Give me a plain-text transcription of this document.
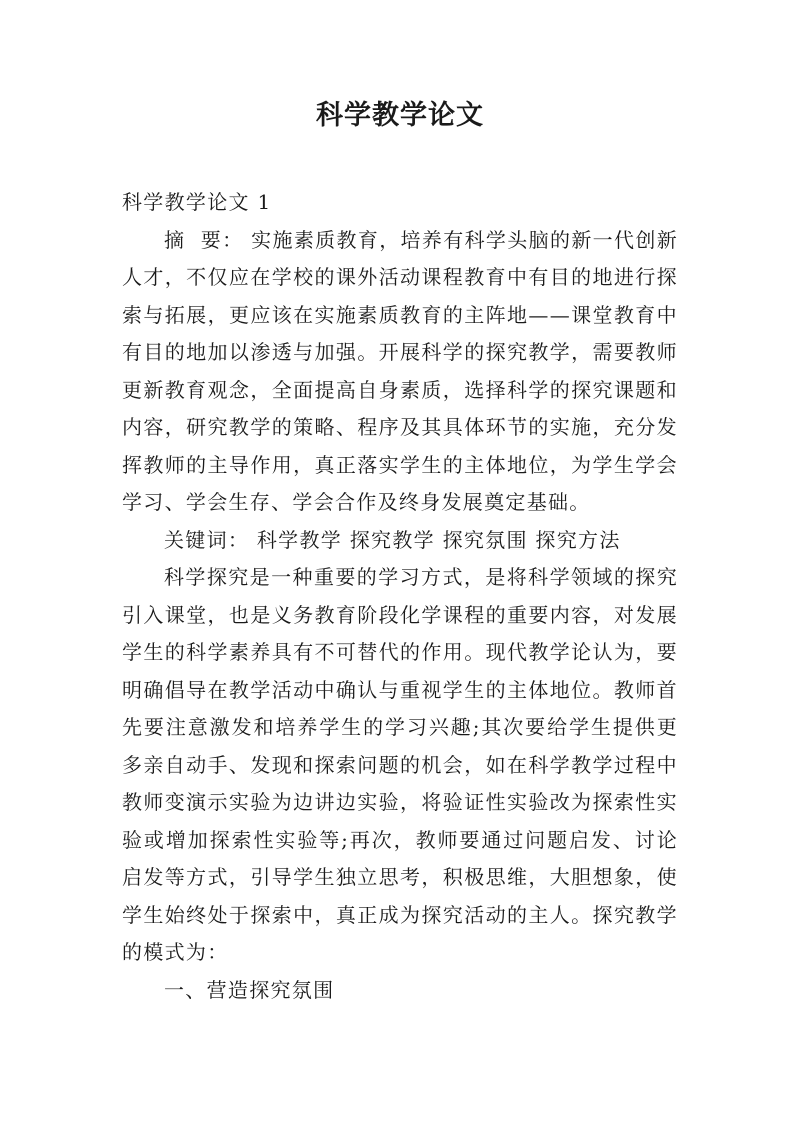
科学教学论文

科学教学论文 1

摘  要： 实施素质教育，培养有科学头脑的新一代创新人才，不仅应在学校的课外活动课程教育中有目的地进行探索与拓展，更应该在实施素质教育的主阵地——课堂教育中有目的地加以渗透与加强。开展科学的探究教学，需要教师更新教育观念，全面提高自身素质，选择科学的探究课题和内容，研究教学的策略、程序及其具体环节的实施，充分发挥教师的主导作用，真正落实学生的主体地位，为学生学会学习、学会生存、学会合作及终身发展奠定基础。

关键词： 科学教学 探究教学 探究氛围 探究方法

科学探究是一种重要的学习方式，是将科学领域的探究引入课堂，也是义务教育阶段化学课程的重要内容，对发展学生的科学素养具有不可替代的作用。现代教学论认为，要明确倡导在教学活动中确认与重视学生的主体地位。教师首先要注意激发和培养学生的学习兴趣;其次要给学生提供更多亲自动手、发现和探索问题的机会，如在科学教学过程中教师变演示实验为边讲边实验，将验证性实验改为探索性实验或增加探索性实验等;再次，教师要通过问题启发、讨论启发等方式，引导学生独立思考，积极思维，大胆想象，使学生始终处于探索中，真正成为探究活动的主人。探究教学的模式为：

一、营造探究氛围
